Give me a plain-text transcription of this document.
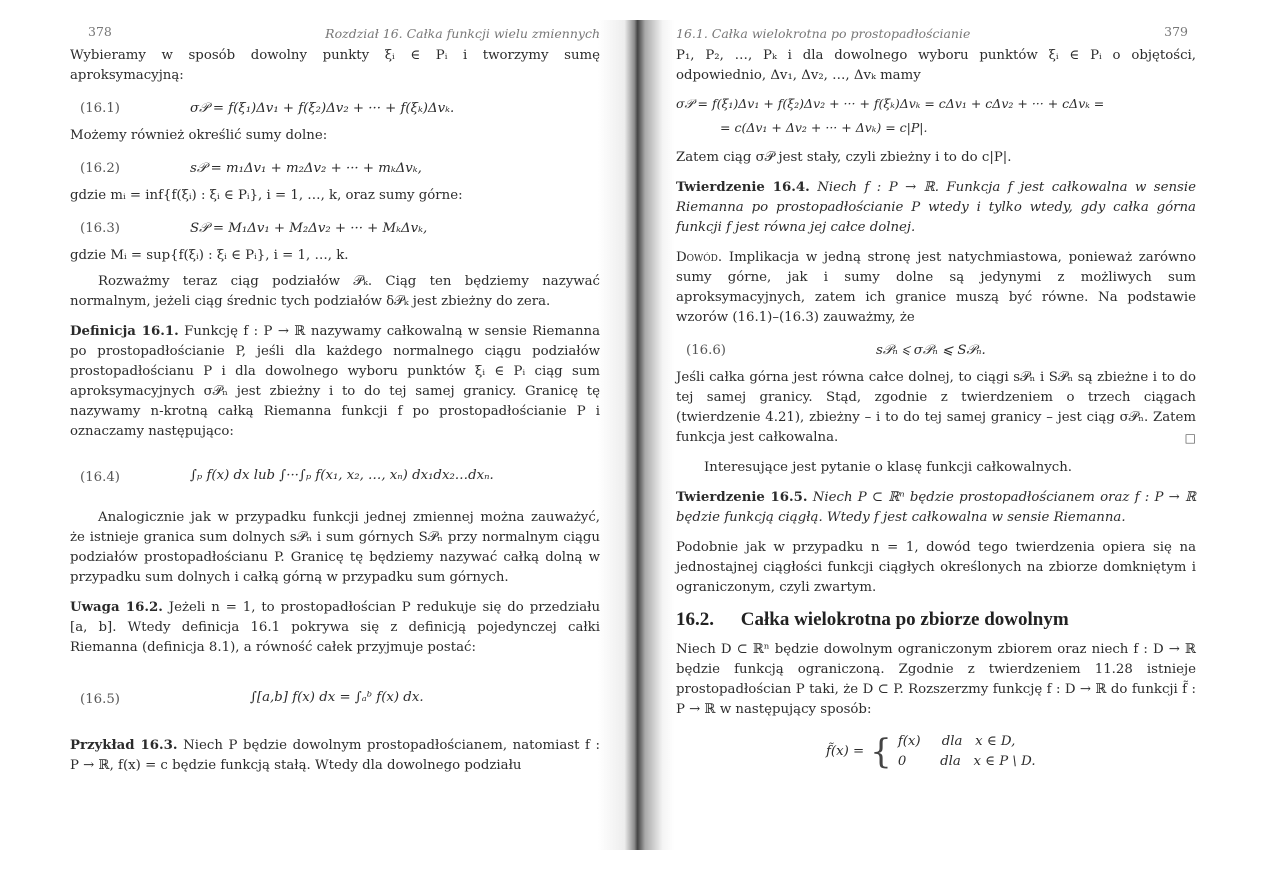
378	Rozdział 16. Całka funkcji wielu zmiennych

Wybieramy w sposób dowolny punkty ξᵢ ∈ Pᵢ i tworzymy sumę aproksymacyjną:

(16.1)	σ𝒫 = f(ξ₁)Δv₁ + f(ξ₂)Δv₂ + ··· + f(ξₖ)Δvₖ.

Możemy również określić sumy dolne:

(16.2)	s𝒫 = m₁Δv₁ + m₂Δv₂ + ··· + mₖΔvₖ,

gdzie mᵢ = inf{f(ξᵢ) : ξᵢ ∈ Pᵢ}, i = 1, …, k, oraz sumy górne:

(16.3)	S𝒫 = M₁Δv₁ + M₂Δv₂ + ··· + MₖΔvₖ,

gdzie Mᵢ = sup{f(ξᵢ) : ξᵢ ∈ Pᵢ}, i = 1, …, k.

Rozważmy teraz ciąg podziałów 𝒫ₖ. Ciąg ten będziemy nazywać normalnym, jeżeli ciąg średnic tych podziałów δ𝒫ₖ jest zbieżny do zera.

Definicja 16.1. Funkcję f : P → ℝ nazywamy całkowalną w sensie Riemanna po prostopadłościanie P, jeśli dla każdego normalnego ciągu podziałów prostopadłościanu P i dla dowolnego wyboru punktów ξᵢ ∈ Pᵢ ciąg sum aproksymacyjnych σ𝒫ₙ jest zbieżny i to do tej samej granicy. Granicę tę nazywamy n-krotną całką Riemanna funkcji f po prostopadłościanie P i oznaczamy następująco:

(16.4)	∫ₚ f(x) dx lub ∫···∫ₚ f(x₁, x₂, …, xₙ) dx₁dx₂…dxₙ.

Analogicznie jak w przypadku funkcji jednej zmiennej można zauważyć, że istnieje granica sum dolnych s𝒫ₙ i sum górnych S𝒫ₙ przy normalnym ciągu podziałów prostopadłościanu P. Granicę tę będziemy nazywać całką dolną w przypadku sum dolnych i całką górną w przypadku sum górnych.

Uwaga 16.2. Jeżeli n = 1, to prostopadłościan P redukuje się do przedziału [a, b]. Wtedy definicja 16.1 pokrywa się z definicją pojedynczej całki Riemanna (definicja 8.1), a równość całek przyjmuje postać:

(16.5)	∫[a,b] f(x) dx = ∫ₐᵇ f(x) dx.

Przykład 16.3. Niech P będzie dowolnym prostopadłościanem, natomiast f : P → ℝ, f(x) = c będzie funkcją stałą. Wtedy dla dowolnego podziału

16.1. Całka wielokrotna po prostopadłościanie	379

P₁, P₂, …, Pₖ i dla dowolnego wyboru punktów ξᵢ ∈ Pᵢ o objętości, odpowiednio, Δv₁, Δv₂, …, Δvₖ mamy

σ𝒫 = f(ξ₁)Δv₁ + f(ξ₂)Δv₂ + ··· + f(ξₖ)Δvₖ = cΔv₁ + cΔv₂ + ··· + cΔvₖ =
= c(Δv₁ + Δv₂ + ··· + Δvₖ) = c|P|.

Zatem ciąg σ𝒫 jest stały, czyli zbieżny i to do c|P|.

Twierdzenie 16.4. Niech f : P → ℝ. Funkcja f jest całkowalna w sensie Riemanna po prostopadłościanie P wtedy i tylko wtedy, gdy całka górna funkcji f jest równa jej całce dolnej.

Dowód. Implikacja w jedną stronę jest natychmiastowa, ponieważ zarówno sumy górne, jak i sumy dolne są jedynymi z możliwych sum aproksymacyjnych, zatem ich granice muszą być równe. Na podstawie wzorów (16.1)–(16.3) zauważmy, że

(16.6)	s𝒫ₙ ⩽ σ𝒫ₙ ⩽ S𝒫ₙ.

Jeśli całka górna jest równa całce dolnej, to ciągi s𝒫ₙ i S𝒫ₙ są zbieżne i to do tej samej granicy. Stąd, zgodnie z twierdzeniem o trzech ciągach (twierdzenie 4.21), zbieżny – i to do tej samej granicy – jest ciąg σ𝒫ₙ. Zatem funkcja jest całkowalna.	□

Interesujące jest pytanie o klasę funkcji całkowalnych.

Twierdzenie 16.5. Niech P ⊂ ℝⁿ będzie prostopadłościanem oraz f : P → ℝ będzie funkcją ciągłą. Wtedy f jest całkowalna w sensie Riemanna.

Podobnie jak w przypadku n = 1, dowód tego twierdzenia opiera się na jednostajnej ciągłości funkcji ciągłych określonych na zbiorze domkniętym i ograniczonym, czyli zwartym.

16.2. Całka wielokrotna po zbiorze dowolnym

Niech D ⊂ ℝⁿ będzie dowolnym ograniczonym zbiorem oraz niech f : D → ℝ będzie funkcją ograniczoną. Zgodnie z twierdzeniem 11.28 istnieje prostopadłościan P taki, że D ⊂ P. Rozszerzmy funkcję f : D → ℝ do funkcji f̃ : P → ℝ w następujący sposób:

f̃(x) = { f(x)     dla   x ∈ D,
0        dla   x ∈ P \ D.
